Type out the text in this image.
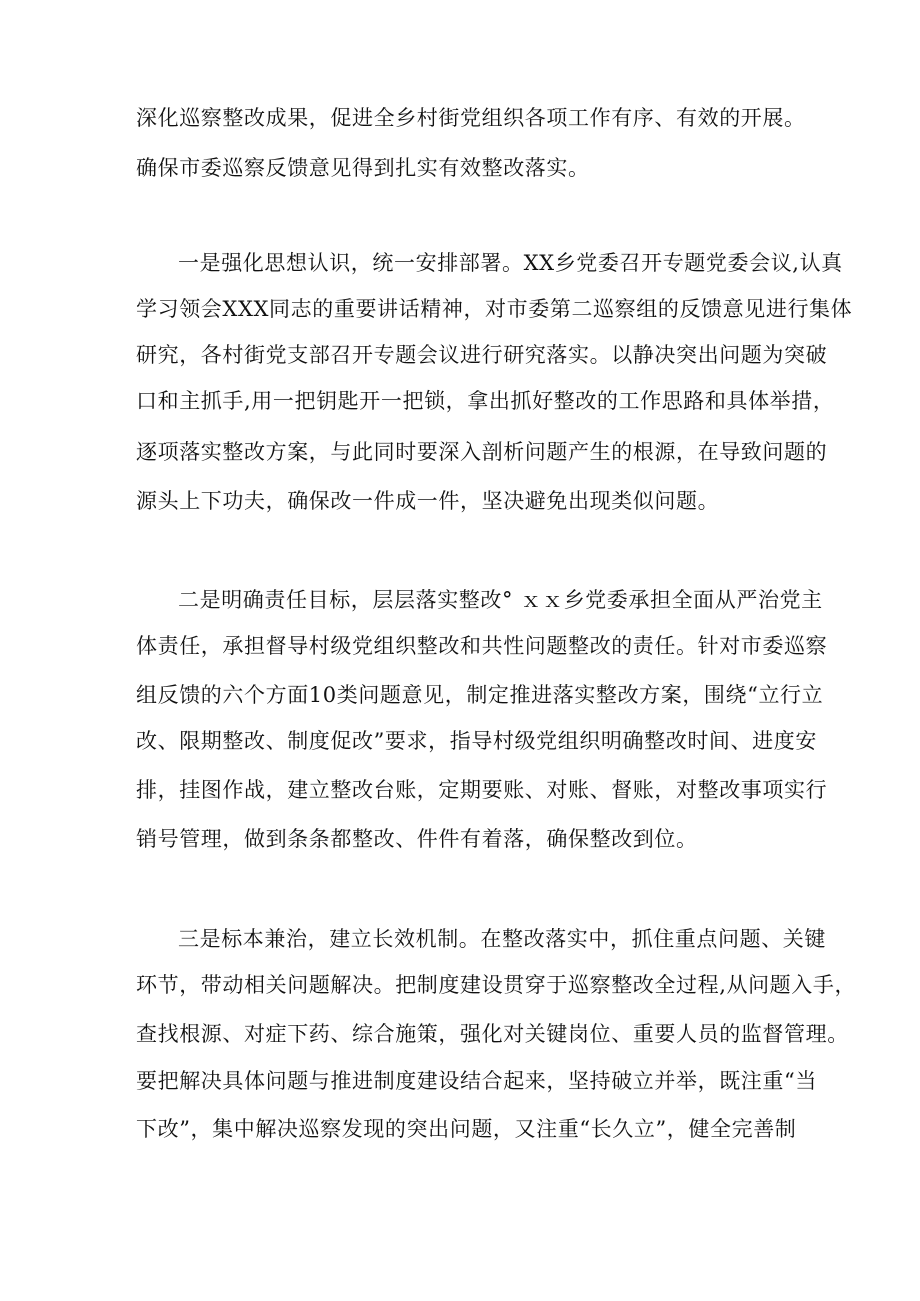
深化巡察整改成果，促进全乡村街党组织各项工作有序、有效的开展。

确保市委巡察反馈意见得到扎实有效整改落实。

一是强化思想认识，统一安排部署。XX乡党委召开专题党委会议,认真

学习领会XXX同志的重要讲话精神，对市委第二巡察组的反馈意见进行集体

研究，各村街党支部召开专题会议进行研究落实。以静决突出问题为突破

口和主抓手,用一把钥匙开一把锁，拿出抓好整改的工作思路和具体举措，

逐项落实整改方案，与此同时要深入剖析问题产生的根源，在导致问题的

源头上下功夫，确保改一件成一件，坚决避免出现类似问题。

二是明确责任目标，层层落实整改° ｘｘ乡党委承担全面从严治党主

体责任，承担督导村级党组织整改和共性问题整改的责任。针对市委巡察

组反馈的六个方面10类问题意见，制定推进落实整改方案，围绕“立行立

改、限期整改、制度促改”要求，指导村级党组织明确整改时间、进度安

排，挂图作战，建立整改台账，定期要账、对账、督账，对整改事项实行

销号管理，做到条条都整改、件件有着落，确保整改到位。

三是标本兼治，建立长效机制。在整改落实中，抓住重点问题、关键

环节，带动相关问题解决。把制度建设贯穿于巡察整改全过程,从问题入手，

查找根源、对症下药、综合施策，强化对关键岗位、重要人员的监督管理。

要把解决具体问题与推进制度建设结合起来，坚持破立并举，既注重“当

下改”，集中解决巡察发现的突出问题，又注重“长久立”，健全完善制
